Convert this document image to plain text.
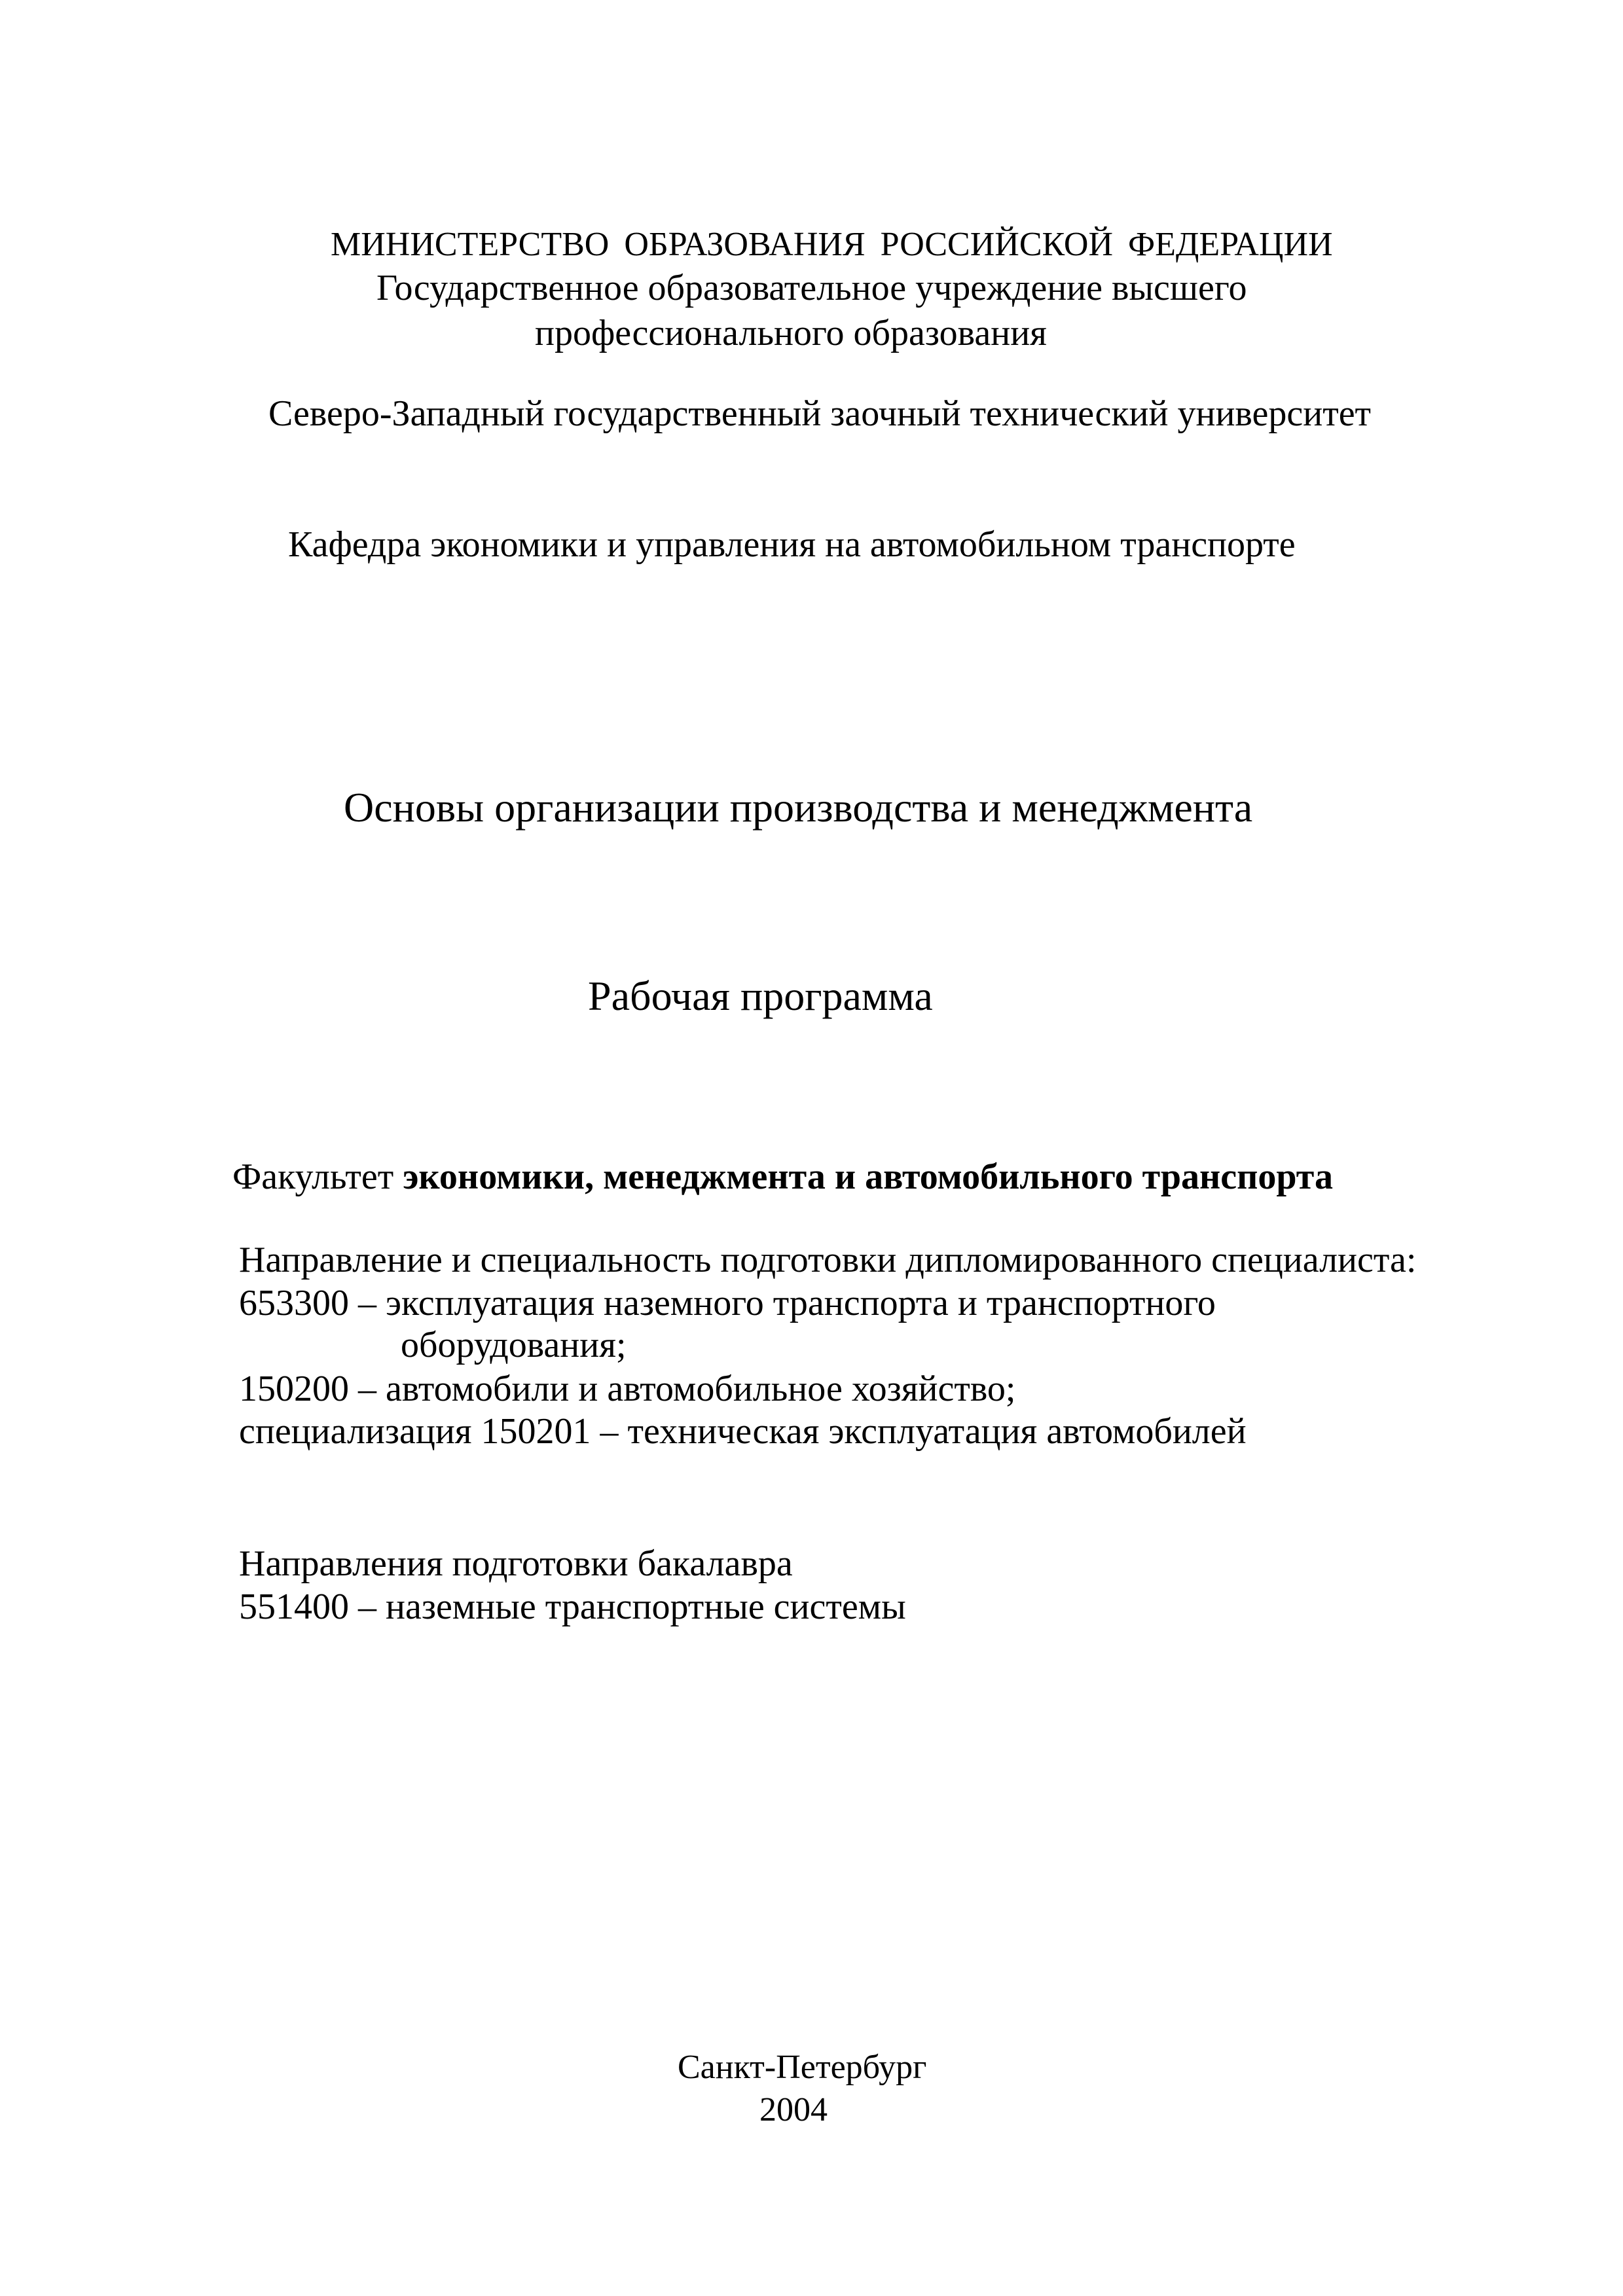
МИНИСТЕРСТВО ОБРАЗОВАНИЯ РОССИЙСКОЙ ФЕДЕРАЦИИ
Государственное образовательное учреждение высшего
профессионального образования
Северо-Западный государственный заочный технический университет
Кафедра экономики и управления на автомобильном транспорте
Основы организации производства и менеджмента
Рабочая программа
Факультет экономики, менеджмента и автомобильного транспорта
Направление и специальность подготовки дипломированного специалиста:
653300 – эксплуатация наземного транспорта и транспортного
оборудования;
150200 – автомобили и автомобильное хозяйство;
специализация 150201 – техническая эксплуатация автомобилей
Направления подготовки бакалавра
551400 – наземные транспортные системы
Санкт-Петербург
2004
